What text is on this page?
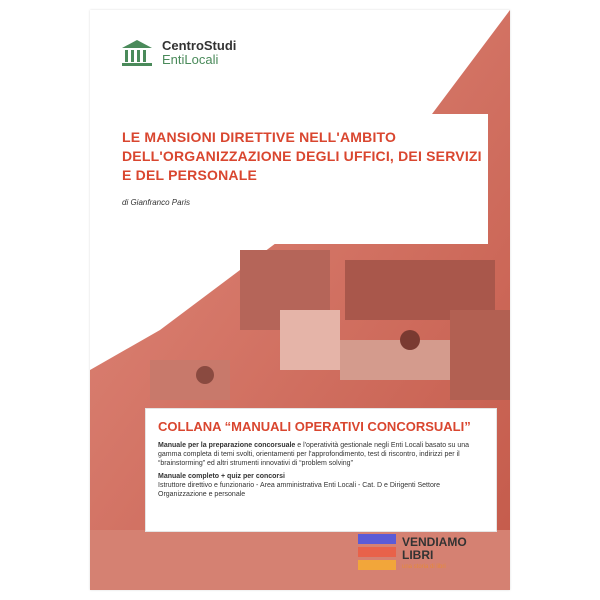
CentroStudi
EntiLocali
LE MANSIONI DIRETTIVE NELL'AMBITO
DELL'ORGANIZZAZIONE DEGLI UFFICI, DEI SERVIZI
E DEL PERSONALE
di Gianfranco Paris
COLLANA “MANUALI OPERATIVI CONCORSUALI”
Manuale per la preparazione concorsuale e l'operatività gestionale negli Enti Locali basato su una gamma completa di temi svolti, orientamenti per l'approfondimento, test di riscontro, indirizzi per il “brainstorming” ed altri strumenti innovativi di “problem solving”
Manuale completo + quiz per concorsi
Istruttore direttivo e funzionario - Area amministrativa Enti Locali - Cat. D e Dirigenti Settore Organizzazione e personale
VENDIAMO
LIBRI
una storia di libri
